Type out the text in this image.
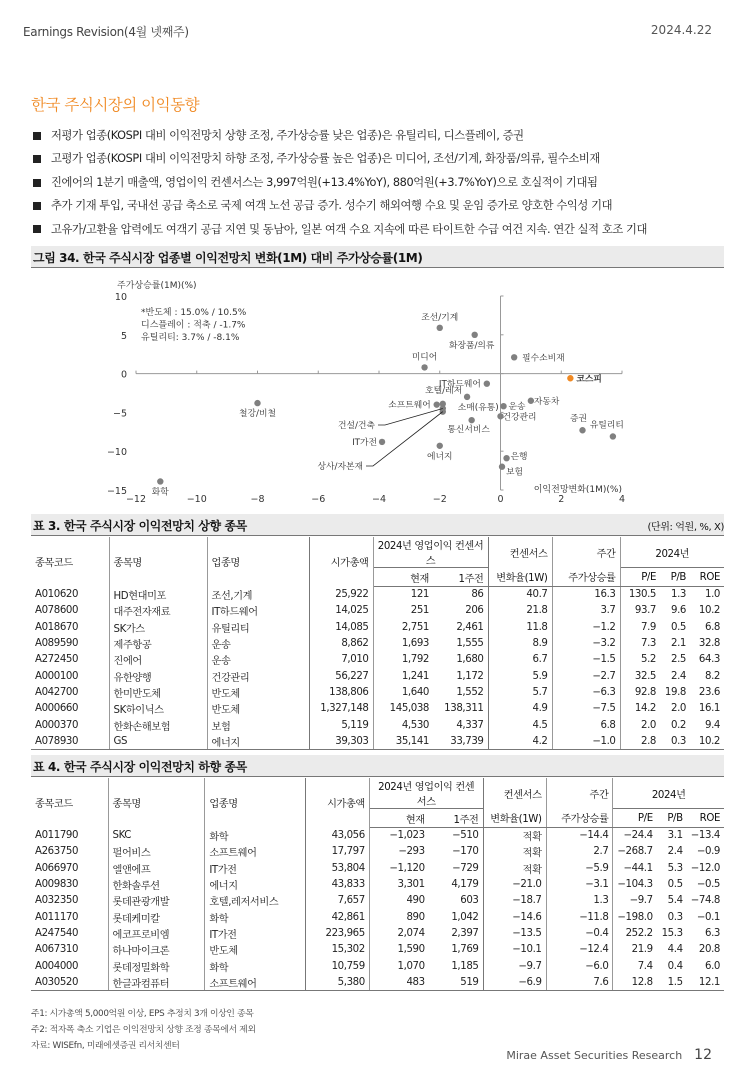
Earnings Revision(4월 넷째주)	2024.4.22
한국 주식시장의 이익동향
저평가 업종(KOSPI 대비 이익전망치 상향 조정, 주가상승률 낮은 업종)은 유틸리티, 디스플레이, 증권
고평가 업종(KOSPI 대비 이익전망치 하향 조정, 주가상승률 높은 업종)은 미디어, 조선/기계, 화장품/의류, 필수소비재
진에어의 1분기 매출액, 영업이익 컨센서스는 3,997억원(+13.4%YoY), 880억원(+3.7%YoY)으로 호실적이 기대됨
추가 기재 투입, 국내선 공급 축소로 국제 여객 노선 공급 증가. 성수기 해외여행 수요 및 운임 증가로 양호한 수익성 기대
고유가/고환율 압력에도 여객기 공급 지연 및 동남아, 일본 여객 수요 지속에 따른 타이트한 수급 여건 지속. 연간 실적 호조 기대
그림 34. 한국 주식시장 업종별 이익전망치 변화(1M) 대비 주가상승률(1M)
−12	−10	−8	−6	−4	−2	0	2	4
10
5
0
−5
−10
−15
주가상승률(1M)(%)
이익전망변화(1M)(%)
*반도체 : 15.0% / 10.5%
디스플레이 : 적축 / -1.7%
유틸리티: 3.7% / -8.1%
조선/기계
화장품/의류
필수소비재
미디어
코스피
IT하드웨어
호텔/레저
자동차
소프트웨어	소매(유통) 운송
건강관리
통신서비스
증권
유틸리티
철강/비철
IT가전
에너지	은행
보험
화학
건설/건축
상사/자본재
표 3. 한국 주식시장 이익전망치 상향 종목	(단위: 억원, %, X)
종목코드	종목명	업종명	시가총액	2024년 영업이익 컨센서스		컨센서스	주간	2024년		
				현재	1주전	변화율(1W)	주가상승률	P/E	P/B	ROE
A010620	HD현대미포	조선,기계	25,922	121	86	40.7	16.3	130.5	1.3	1.0
A078600	대주전자재료	IT하드웨어	14,025	251	206	21.8	3.7	93.7	9.6	10.2
A018670	SK가스	유틸리티	14,085	2,751	2,461	11.8	−1.2	7.9	0.5	6.8
A089590	제주항공	운송	8,862	1,693	1,555	8.9	−3.2	7.3	2.1	32.8
A272450	진에어	운송	7,010	1,792	1,680	6.7	−1.5	5.2	2.5	64.3
A000100	유한양행	건강관리	56,227	1,241	1,172	5.9	−2.7	32.5	2.4	8.2
A042700	한미반도체	반도체	138,806	1,640	1,552	5.7	−6.3	92.8	19.8	23.6
A000660	SK하이닉스	반도체	1,327,148	145,038	138,311	4.9	−7.5	14.2	2.0	16.1
A000370	한화손해보험	보험	5,119	4,530	4,337	4.5	6.8	2.0	0.2	9.4
A078930	GS	에너지	39,303	35,141	33,739	4.2	−1.0	2.8	0.3	10.2
표 4. 한국 주식시장 이익전망치 하향 종목
종목코드	종목명	업종명	시가총액	2024년 영업이익 컨센서스		컨센서스	주간	2024년		
				현재	1주전	변화율(1W)	주가상승률	P/E	P/B	ROE
A011790	SKC	화학	43,056	−1,023	−510	적확	−14.4	−24.4	3.1	−13.4
A263750	펄어비스	소프트웨어	17,797	−293	−170	적확	2.7	−268.7	2.4	−0.9
A066970	엘앤에프	IT가전	53,804	−1,120	−729	적확	−5.9	−44.1	5.3	−12.0
A009830	한화솔루션	에너지	43,833	3,301	4,179	−21.0	−3.1	−104.3	0.5	−0.5
A032350	롯데관광개발	호텔,레저서비스	7,657	490	603	−18.7	1.3	−9.7	5.4	−74.8
A011170	롯데케미칼	화학	42,861	890	1,042	−14.6	−11.8	−198.0	0.3	−0.1
A247540	에코프로비엠	IT가전	223,965	2,074	2,397	−13.5	−0.4	252.2	15.3	6.3
A067310	하나마이크론	반도체	15,302	1,590	1,769	−10.1	−12.4	21.9	4.4	20.8
A004000	롯데정밀화학	화학	10,759	1,070	1,185	−9.7	−6.0	7.4	0.4	6.0
A030520	한글과컴퓨터	소프트웨어	5,380	483	519	−6.9	7.6	12.8	1.5	12.1
주1: 시가총액 5,000억원 이상, EPS 추정치 3개 이상인 종목
주2: 적자폭 축소 기업은 이익전망치 상향 조정 종목에서 제외
자료: WISEfn, 미래에셋증권 리서치센터
Mirae Asset Securities Research 12
